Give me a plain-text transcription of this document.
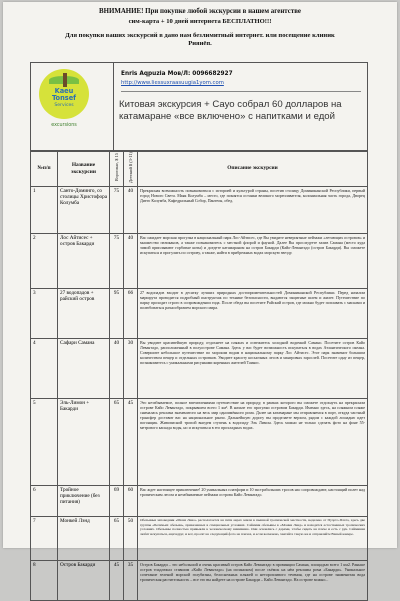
ВНИМАНИЕ! При покупке любой экскурсии в нашем агентстве
сим-карта + 10 дней интернета БЕСПЛАТНО!!!
Для покупки вашиx экскурсий в дано нам безлимитный интернет. или посещение клиник
Рияиёп.
Kaeu
Tonsef
Services
excursions
Enris Aqpuzia Мов/Л: 0096682927
http://www.Iiessuxraasuugia1yom.com
Китовая экскурсия + Сауо собрал 60 долларов на катамаране «все включено» с напитками и едой
№п/п	Название экскурсии	Взрослые, $ 15	Детский $ (3-11)	Описание экскурсии
1	Санто-Доминго, со столицы Христофора Колумба	75	40	Прекрасная возможность познакомиться с историей и культурой страны, посетив столицу Доминиканской Республики, первый город Нового Света. Маяк Колумба – место, где покоятся останки великого мореплавателя, колониальная часть города, Дворец Диего Колумба, Кафедральный Собор, Пантеон, обед.
2	Лос Айтисес + остров Бакарди	75	40	Вас ожидает морская прогулка в национальный парк Лос-Айтисес, где Вы увидите невероятные пейзажи «летающих островов» и множество пеликанов, а также познакомитесь с местной флорой и фауной. Далее Вы проследуете залив Самана (место куда зимой приплывают горбатые киты) и доедете катамараном на остров Бакарди (Кайо-Левантадо (остров Бакарди). Вы сможете искупаться и прогулять по острову, а также, найти в прибрежных водах морскую звезду.
3	27 водопадов + райский остров	95	66	27 водопадов входит в десятку лучших природных достопримечательностей Доминиканской Республики. Перед началом маршрута проводится подробный инструктаж по технике безопасности, выдаются защитные шлем и жилет. Путешествие по парку проходит строго в сопровождении гида. После обеда вы посетите Райский остров, где можно будет поплавать с масками и полюбоваться разнообразием морского мира.
4	Сафари Самана	40	30	Вы увидите красивейшую природу, отдохнете на пляжах и освежитесь холодной водичкой Самано. Посетите остров Кайо Левантадо, расположенный в полуострове Самана. Здесь у вас будет возможность искупаться в водах Атлантического океана. Совершите небольшое путешествие по морским водам в национальному парку Лос Айтисес. Этот парк знаменит большим количеством пещер и отдельных островков. Увидите красоту косыочных лесов и мангровых зарослей. Посетите одну из пещер, познакомитесь с уникальными рисунками коренных жителей Таинос.
5	Эль-Лимон + Бакарди	65	45	Это незабываемое, полное впечатлениями путешествие на природу, в рамках которого вы сможете отдохнуть на прекрасном острове Кайо Левантадо, покрывшем всего 1 км². В начале его прогулки островом Бакарди. Именно здесь, на пляжном пляже снималась реклама знаменитого на весь мир одноимённого рома. Далее на катамаране мы отправляемся в порт, откуда частный трансфер доставит вас на национальное ранчо. Дальнейшую дорогу вы проделаете верхом, рядом с каждой лошадью идет погонщик. Живописной тропой выедем ступень к водопаду Эль Лимон. Здесь можно не только сделать фото на фоне 55-метрового каскада воды, но и искупаться в его прохладных водах.
6	Тройное приключение (без питания)	69	60	Вас ждет настоящее приключение! 20 уникальных платформ и 10 экстрабольших тросов нас сопровождают, настоящий полет над тропическим лесом и незабываемые пейзажи острова Кайо Левантадо.
7	Монкей Лэнд	65	50	Обезьяньи заповедник «Мони Леио» располагается на пяти акрах земли в пышной тропической местности, недалеко от Пуэрто-Плата, здесь две группы «Беличьих обезьян», привезенных в специальных условиях. Сайминк обезьяны в «Монки Ленд» и находятся естественных тропических условиях. Обезьяны полностью привыкли к человеческому вниманию. Они освоились с дарами, чтобы сидеть на плече и есть с рук. Сайминии любят искупаться, ещё вдруг, и вот, просят на следующий фото на плечах, и если возможно, хватайте такую же и отправляйте Вашей камере.
8	Остров Бакарди	45	35	Остров Бакарди – это небольшой и очень красивый остров Кайо Левантадо в провинции Самана, площадью всего 1 км2. Раньше остров тпадлежал ставшим «Кайо Левантадо» (на испанском) после съёмок на нём рекламы рома «Бакарди». Уникальное сочетание зеленой морской голубизны, белоснежных пляжей и неторопливого течения, где на острове знаменитая вода тропическая растительность – все это вы найдете на острове Бакарди – Кайо Левантадо. На острове можно...
